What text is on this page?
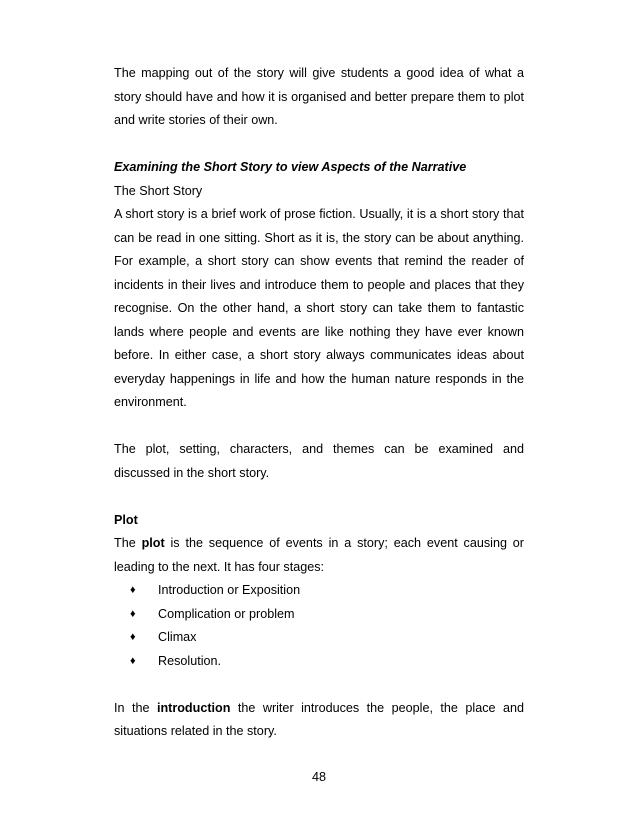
The mapping out of the story will give students a good idea of what a story should have and how it is organised and better prepare them to plot and write stories of their own.

Examining the Short Story to view Aspects of the Narrative

The Short Story

A short story is a brief work of prose fiction. Usually, it is a short story that can be read in one sitting. Short as it is, the story can be about anything. For example, a short story can show events that remind the reader of incidents in their lives and introduce them to people and places that they recognise. On the other hand, a short story can take them to fantastic lands where people and events are like nothing they have ever known before. In either case, a short story always communicates ideas about everyday happenings in life and how the human nature responds in the environment.

The plot, setting, characters, and themes can be examined and discussed in the short story.

Plot

The plot is the sequence of events in a story; each event causing or leading to the next. It has four stages:

♦ Introduction or Exposition
♦ Complication or problem
♦ Climax
♦ Resolution.

In the introduction the writer introduces the people, the place and situations related in the story.

48
